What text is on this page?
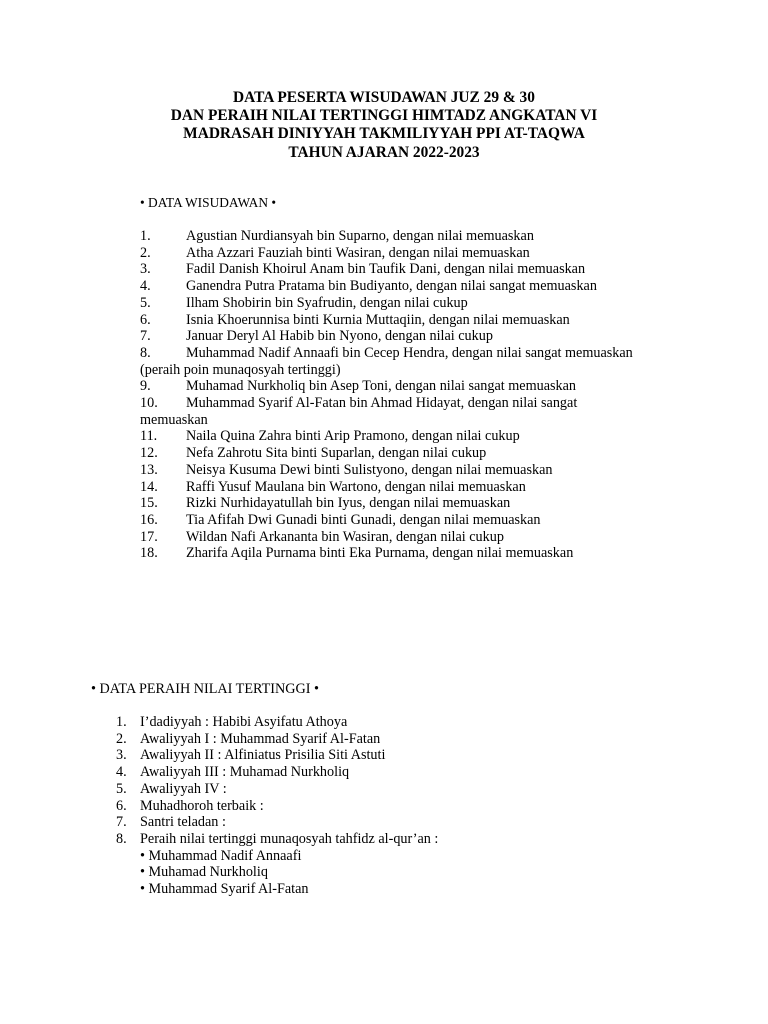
DATA PESERTA WISUDAWAN JUZ 29 & 30
DAN PERAIH NILAI TERTINGGI HIMTADZ ANGKATAN VI
MADRASAH DINIYYAH TAKMILIYYAH PPI AT-TAQWA
TAHUN AJARAN 2022-2023
• DATA WISUDAWAN •
1. Agustian Nurdiansyah bin Suparno, dengan nilai memuaskan
2. Atha Azzari Fauziah binti Wasiran, dengan nilai memuaskan
3. Fadil Danish Khoirul Anam bin Taufik Dani, dengan nilai memuaskan
4. Ganendra Putra Pratama bin Budiyanto, dengan nilai sangat memuaskan
5. Ilham Shobirin bin Syafrudin, dengan nilai cukup
6. Isnia Khoerunnisa binti Kurnia Muttaqiin, dengan nilai memuaskan
7. Januar Deryl Al Habib bin Nyono, dengan nilai cukup
8. Muhammad Nadif Annaafi bin Cecep Hendra, dengan nilai sangat memuaskan
(peraih poin munaqosyah tertinggi)
9. Muhamad Nurkholiq bin Asep Toni, dengan nilai sangat memuaskan
10. Muhammad Syarif Al-Fatan bin Ahmad Hidayat, dengan nilai sangat
memuaskan
11. Naila Quina Zahra binti Arip Pramono, dengan nilai cukup
12. Nefa Zahrotu Sita binti Suparlan, dengan nilai cukup
13. Neisya Kusuma Dewi binti Sulistyono, dengan nilai memuaskan
14. Raffi Yusuf Maulana bin Wartono, dengan nilai memuaskan
15. Rizki Nurhidayatullah bin Iyus, dengan nilai memuaskan
16. Tia Afifah Dwi Gunadi binti Gunadi, dengan nilai memuaskan
17. Wildan Nafi Arkananta bin Wasiran, dengan nilai cukup
18. Zharifa Aqila Purnama binti Eka Purnama, dengan nilai memuaskan
• DATA PERAIH NILAI TERTINGGI •
1. I’dadiyyah : Habibi Asyifatu Athoya
2. Awaliyyah I : Muhammad Syarif Al-Fatan
3. Awaliyyah II : Alfiniatus Prisilia Siti Astuti
4. Awaliyyah III : Muhamad Nurkholiq
5. Awaliyyah IV :
6. Muhadhoroh terbaik :
7. Santri teladan :
8. Peraih nilai tertinggi munaqosyah tahfidz al-qur’an :
• Muhammad Nadif Annaafi
• Muhamad Nurkholiq
• Muhammad Syarif Al-Fatan
